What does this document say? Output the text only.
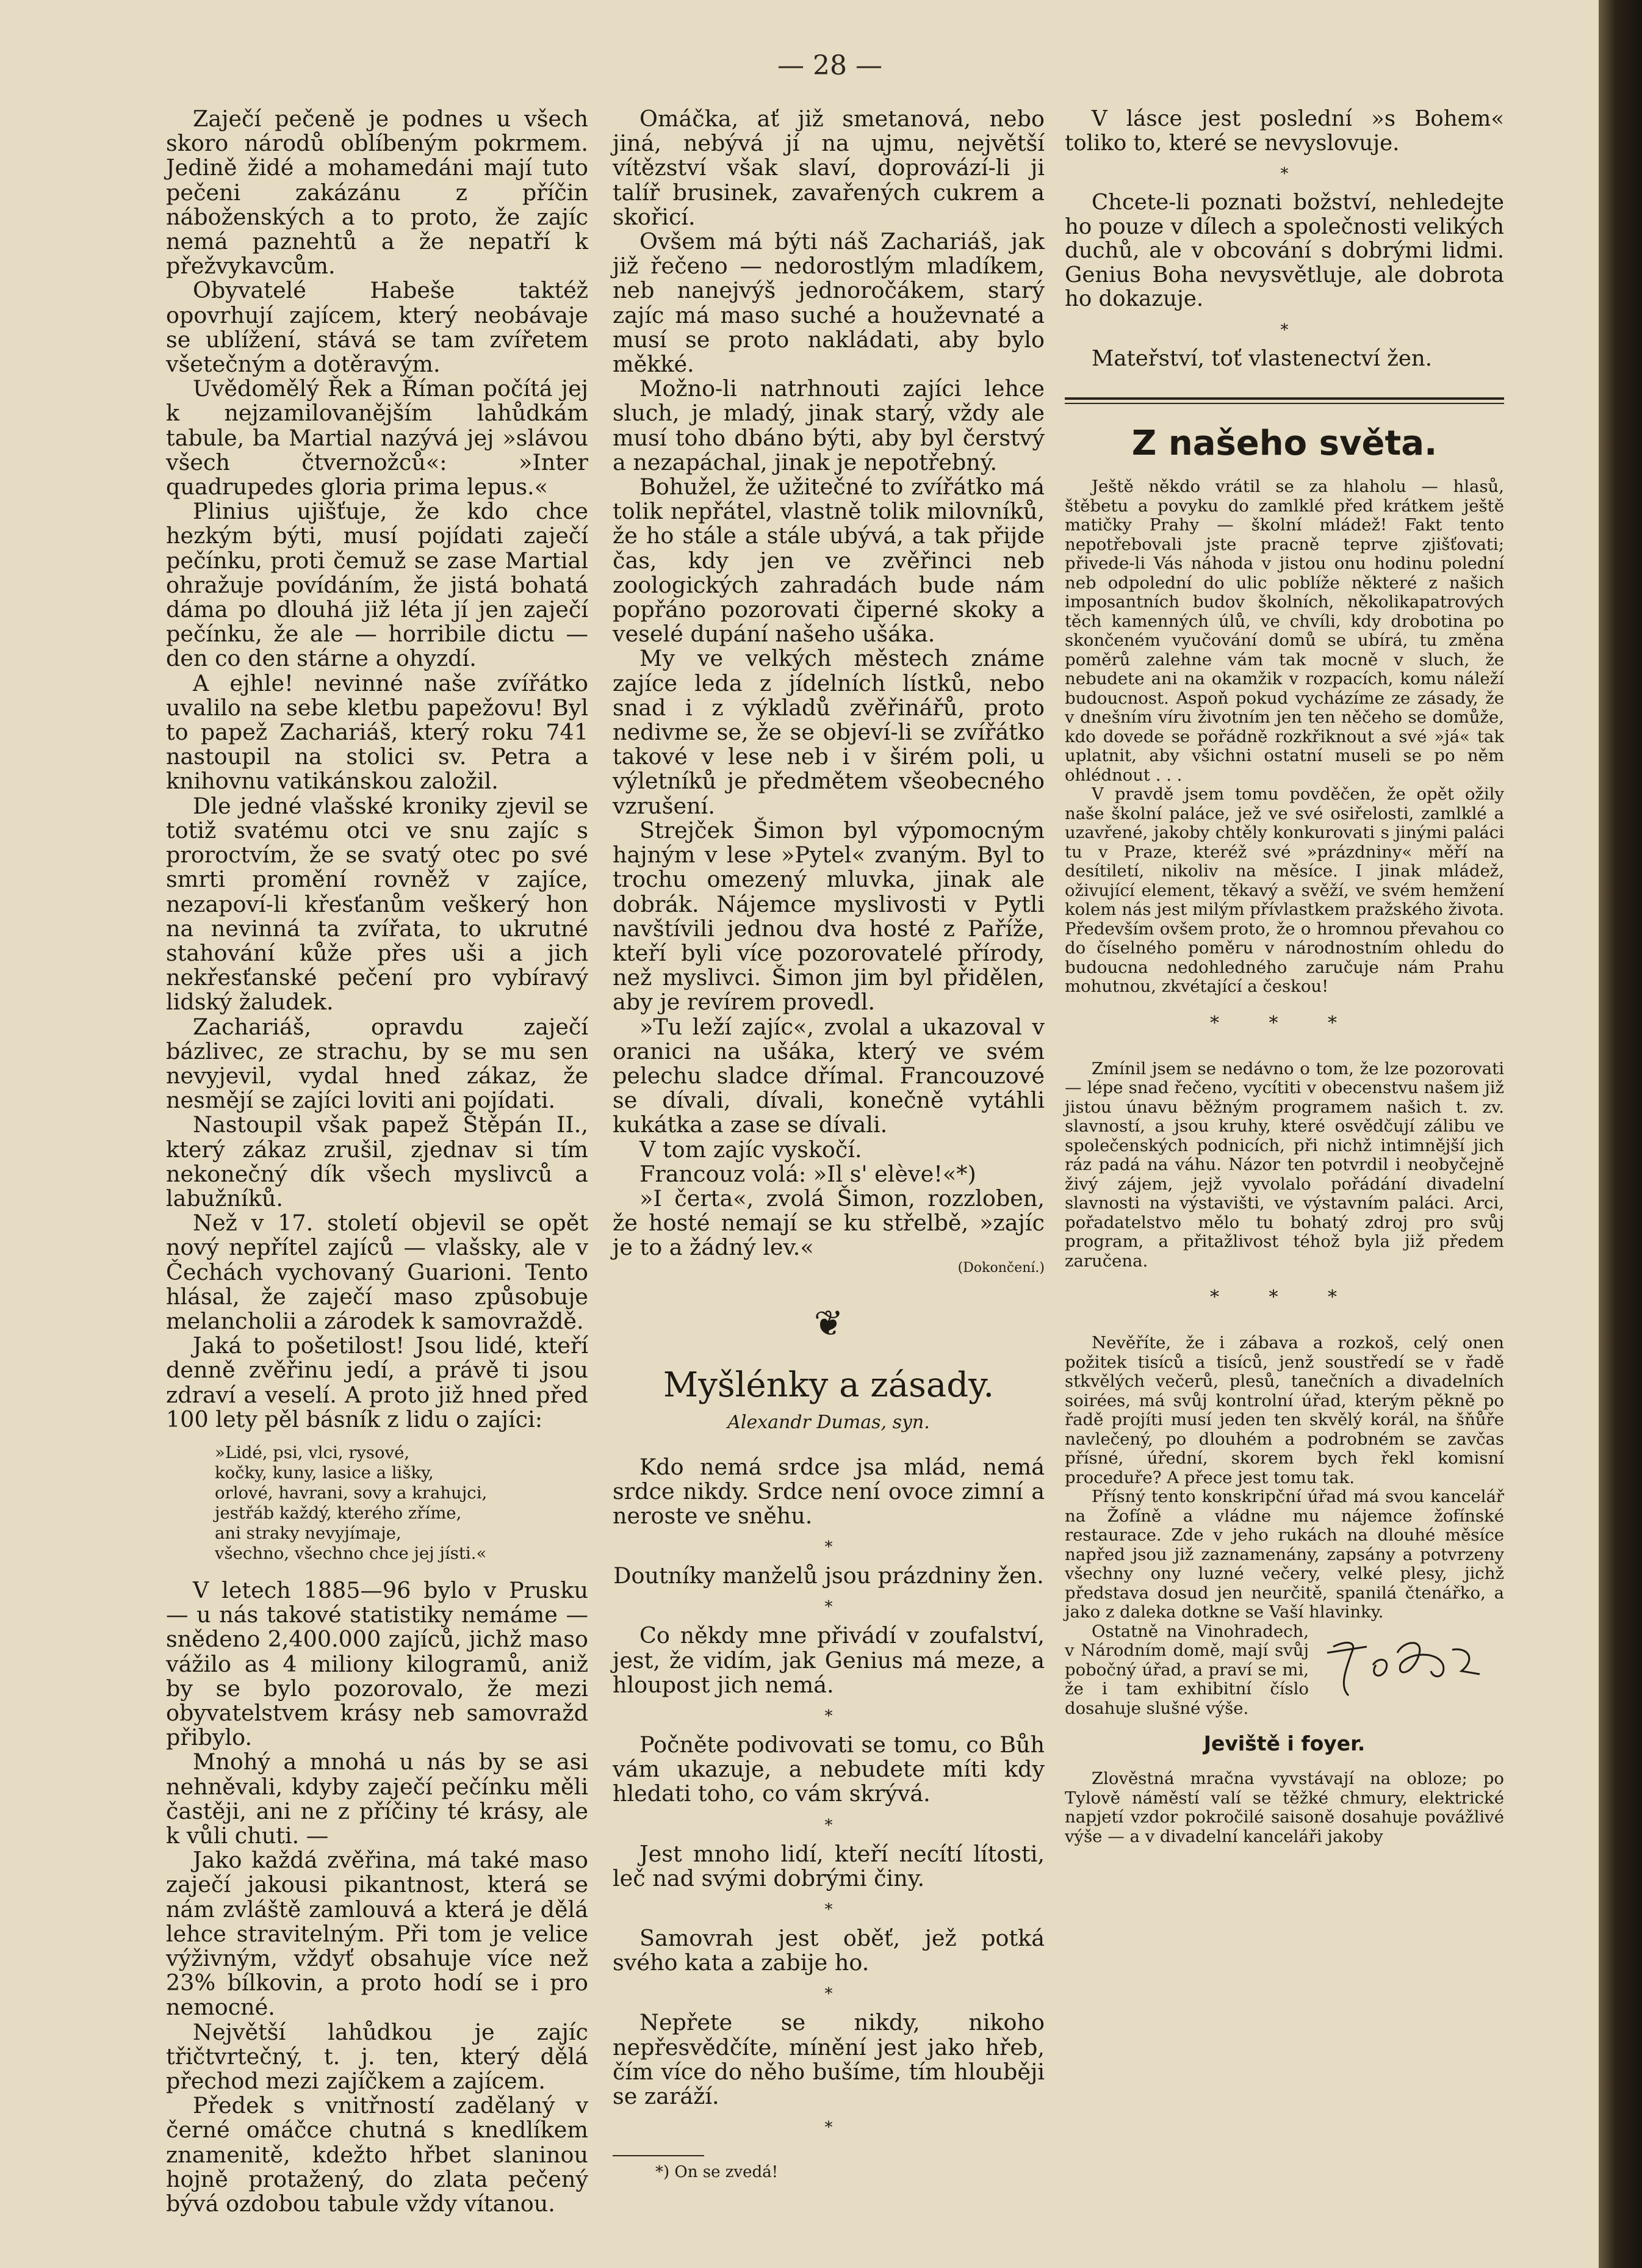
— 28 —

Zaječí pečeně je podnes u všech skoro národů oblíbeným pokrmem. Jedině židé a mohamedáni mají tuto pečeni zakázánu z příčin náboženských a to proto, že zajíc nemá paznehtů a že nepatří k přežvykavcům.

Obyvatelé Habeše taktéž opovrhují zajícem, který neobávaje se ublížení, stává se tam zvířetem všetečným a dotěravým.

Uvědomělý Řek a Říman počítá jej k nejzamilovanějším lahůdkám tabule, ba Martial nazývá jej »slávou všech čtvernožců«: »Inter quadrupedes gloria prima lepus.«

Plinius ujišťuje, že kdo chce hezkým býti, musí pojídati zaječí pečínku, proti čemuž se zase Martial ohražuje povídáním, že jistá bohatá dáma po dlouhá již léta jí jen zaječí pečínku, že ale — horribile dictu — den co den stárne a ohyzdí.

A ejhle! nevinné naše zvířátko uvalilo na sebe kletbu papežovu! Byl to papež Zachariáš, který roku 741 nastoupil na stolici sv. Petra a knihovnu vatikánskou založil.

Dle jedné vlašské kroniky zjevil se totiž svatému otci ve snu zajíc s proroctvím, že se svatý otec po své smrti promění rovněž v zajíce, nezapoví-li křesťanům veškerý hon na nevinná ta zvířata, to ukrutné stahování kůže přes uši a jich nekřesťanské pečení pro vybíravý lidský žaludek.

Zachariáš, opravdu zaječí bázlivec, ze strachu, by se mu sen nevyjevil, vydal hned zákaz, že nesmějí se zajíci loviti ani pojídati.

Nastoupil však papež Štěpán II., který zákaz zrušil, zjednav si tím nekonečný dík všech myslivců a labužníků.

Než v 17. století objevil se opět nový nepřítel zajíců — vlašsky, ale v Čechách vychovaný Guarioni. Tento hlásal, že zaječí maso způsobuje melancholii a zárodek k samovraždě.

Jaká to pošetilost! Jsou lidé, kteří denně zvěřinu jedí, a právě ti jsou zdraví a veselí. A proto již hned před 100 lety pěl básník z lidu o zajíci:

»Lidé, psi, vlci, rysové,
kočky, kuny, lasice a lišky,
orlové, havrani, sovy a krahujci,
jestřáb každý, kterého zříme,
ani straky nevyjímaje,
všechno, všechno chce jej jísti.«

V letech 1885—96 bylo v Prusku — u nás takové statistiky nemáme — snědeno 2,400.000 zajíců, jichž maso vážilo as 4 miliony kilogramů, aniž by se bylo pozorovalo, že mezi obyvatelstvem krásy neb samovražd přibylo.

Mnohý a mnohá u nás by se asi nehněvali, kdyby zaječí pečínku měli častěji, ani ne z příčiny té krásy, ale k vůli chuti. —

Jako každá zvěřina, má také maso zaječí jakousi pikantnost, která se nám zvláště zamlouvá a která je dělá lehce stravitelným. Při tom je velice výživným, vždyť obsahuje více než 23% bílkovin, a proto hodí se i pro nemocné.

Největší lahůdkou je zajíc třičtvrtečný, t. j. ten, který dělá přechod mezi zajíčkem a zajícem.

Předek s vnitřností zadělaný v černé omáčce chutná s knedlíkem znamenitě, kdežto hřbet slaninou hojně protažený, do zlata pečený bývá ozdobou tabule vždy vítanou.

Omáčka, ať již smetanová, nebo jiná, nebývá jí na ujmu, největší vítězství však slaví, doprovází-li ji talíř brusinek, zavařených cukrem a skořicí.

Ovšem má býti náš Zachariáš, jak již řečeno — nedorostlým mladíkem, neb nanejvýš jednoročákem, starý zajíc má maso suché a houževnaté a musí se proto nakládati, aby bylo měkké.

Možno-li natrhnouti zajíci lehce sluch, je mladý, jinak starý, vždy ale musí toho dbáno býti, aby byl čerstvý a nezapáchal, jinak je nepotřebný.

Bohužel, že užitečné to zvířátko má tolik nepřátel, vlastně tolik milovníků, že ho stále a stále ubývá, a tak přijde čas, kdy jen ve zvěřinci neb zoologických zahradách bude nám popřáno pozorovati čiperné skoky a veselé dupání našeho ušáka.

My ve velkých městech známe zajíce leda z jídelních lístků, nebo snad i z výkladů zvěřinářů, proto nedivme se, že se objeví-li se zvířátko takové v lese neb i v širém poli, u výletníků je předmětem všeobecného vzrušení.

Strejček Šimon byl výpomocným hajným v lese »Pytel« zvaným. Byl to trochu omezený mluvka, jinak ale dobrák. Nájemce myslivosti v Pytli navštívili jednou dva hosté z Paříže, kteří byli více pozorovatelé přírody, než myslivci. Šimon jim byl přidělen, aby je revírem provedl.

»Tu leží zajíc«, zvolal a ukazoval v oranici na ušáka, který ve svém pelechu sladce dřímal. Francouzové se dívali, dívali, konečně vytáhli kukátka a zase se dívali.

V tom zajíc vyskočí.

Francouz volá: »Il s' elève!«*)

»I čerta«, zvolá Šimon, rozzloben, že hosté nemají se ku střelbě, »zajíc je to a žádný lev.«

(Dokončení.)
❦
Myšlénky a zásady.
Alexandr Dumas, syn.

Kdo nemá srdce jsa mlád, nemá srdce nikdy. Srdce není ovoce zimní a neroste ve sněhu.

*

Doutníky manželů jsou prázdniny žen.

*

Co někdy mne přivádí v zoufalství, jest, že vidím, jak Genius má meze, a hloupost jich nemá.

*

Počněte podivovati se tomu, co Bůh vám ukazuje, a nebudete míti kdy hledati toho, co vám skrývá.

*

Jest mnoho lidí, kteří necítí lítosti, leč nad svými dobrými činy.

*

Samovrah jest oběť, jež potká svého kata a zabije ho.

*

Nepřete se nikdy, nikoho nepřesvědčíte, mínění jest jako hřeb, čím více do něho bušíme, tím hlouběji se zaráží.

*
*) On se zvedá!

V lásce jest poslední »s Bohem« toliko to, které se nevyslovuje.

*

Chcete-li poznati božství, nehledejte ho pouze v dílech a společnosti velikých duchů, ale v obcování s dobrými lidmi. Genius Boha nevysvětluje, ale dobrota ho dokazuje.

*

Mateřství, toť vlastenectví žen.

Z našeho světa.

Ještě někdo vrátil se za hlaholu — hlasů, štěbetu a povyku do zamlklé před krátkem ještě matičky Prahy — školní mládež! Fakt tento nepotřebovali jste pracně teprve zjišťovati; přivede-li Vás náhoda v jistou onu hodinu polední neb odpolední do ulic poblíže některé z našich imposantních budov školních, několikapatrových těch kamenných úlů, ve chvíli, kdy drobotina po skončeném vyučování domů se ubírá, tu změna poměrů zalehne vám tak mocně v sluch, že nebudete ani na okamžik v rozpacích, komu náleží budoucnost. Aspoň pokud vycházíme ze zásady, že v dnešním víru životním jen ten něčeho se domůže, kdo dovede se pořádně rozkřiknout a své »já« tak uplatnit, aby všichni ostatní museli se po něm ohlédnout . . .

V pravdě jsem tomu povděčen, že opět ožily naše školní paláce, jež ve své osiřelosti, zamlklé a uzavřené, jakoby chtěly konkurovati s jinými paláci tu v Praze, kteréž své »prázdniny« měří na desítiletí, nikoliv na měsíce. I jinak mládež, oživující element, těkavý a svěží, ve svém hemžení kolem nás jest milým přívlastkem pražského života. Především ovšem proto, že o hromnou převahou co do číselného poměru v národnostním ohledu do budoucna nedohledného zaručuje nám Prahu mohutnou, zkvétající a českou!

* * *

Zmínil jsem se nedávno o tom, že lze pozorovati — lépe snad řečeno, vycítiti v obecenstvu našem již jistou únavu běžným programem našich t. zv. slavností, a jsou kruhy, které osvědčují zálibu ve společenských podnicích, při nichž intimnější jich ráz padá na váhu. Názor ten potvrdil i neobyčejně živý zájem, jejž vyvolalo pořádání divadelní slavnosti na výstavišti, ve výstavním paláci. Arci, pořadatelstvo mělo tu bohatý zdroj pro svůj program, a přitažlivost téhož byla již předem zaručena.

* * *

Nevěříte, že i zábava a rozkoš, celý onen požitek tisíců a tisíců, jenž soustředí se v řadě stkvělých večerů, plesů, tanečních a divadelních soirées, má svůj kontrolní úřad, kterým pěkně po řadě projíti musí jeden ten skvělý korál, na šňůře navlečený, po dlouhém a podrobném se zavčas přísné, úřední, skorem bych řekl komisní proceduře? A přece jest tomu tak.

Přísný tento konskripční úřad má svou kancelář na Žofíně a vládne mu nájemce žofínské restaurace. Zde v jeho rukách na dlouhé měsíce napřed jsou již zaznamenány, zapsány a potvrzeny všechny ony luzné večery, velké plesy, jichž představa dosud jen neurčitě, spanilá čtenářko, a jako z daleka dotkne se Vaší hlavinky.

Ostatně na Vinohradech, v Národním domě, mají svůj pobočný úřad, a praví se mi, že i tam exhibitní číslo dosahuje slušné výše.

Jeviště i foyer.

Zlověstná mračna vyvstávají na obloze; po Tylově náměstí valí se těžké chmury, elektrické napjetí vzdor pokročilé saisoně dosahuje povážlivé výše — a v divadelní kanceláři jakoby
